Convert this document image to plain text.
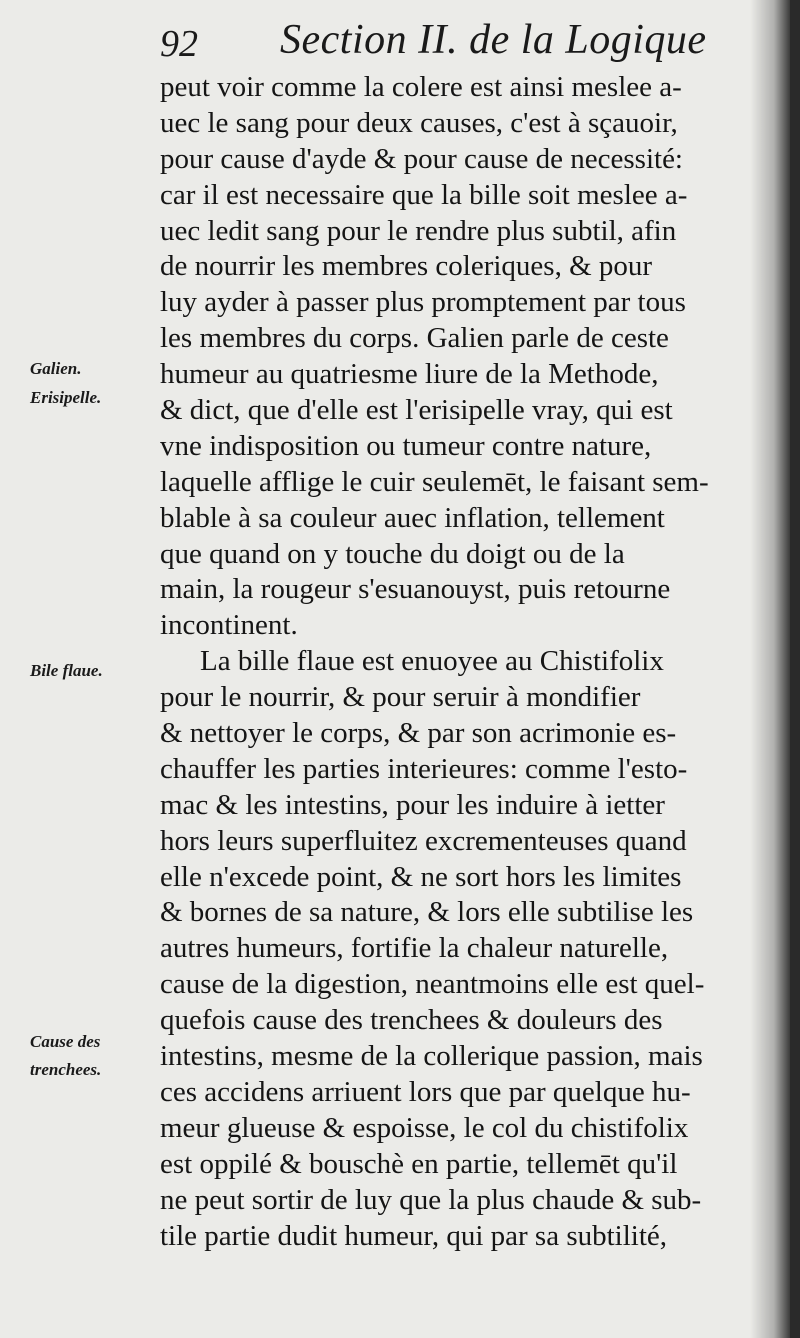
92 Section II. de la Logique
Galien.
Erisipelle.
Bile flaue.
Cause des
trenchees.
peut voir comme la colere est ainsi meslee a-
uec le sang pour deux causes, c'est à sçauoir,
pour cause d'ayde & pour cause de necessité:
car il est necessaire que la bille soit meslee a-
uec ledit sang pour le rendre plus subtil, afin
de nourrir les membres coleriques, & pour
luy ayder à passer plus promptement par tous
les membres du corps. Galien parle de ceste
humeur au quatriesme liure de la Methode,
& dict, que d'elle est l'erisipelle vray, qui est
vne indisposition ou tumeur contre nature,
laquelle afflige le cuir seulemēt, le faisant sem-
blable à sa couleur auec inflation, tellement
que quand on y touche du doigt ou de la
main, la rougeur s'esuanouyst, puis retourne
incontinent.
La bille flaue est enuoyee au Chistifolix
pour le nourrir, & pour seruir à mondifier
& nettoyer le corps, & par son acrimonie es-
chauffer les parties interieures: comme l'esto-
mac & les intestins, pour les induire à ietter
hors leurs superfluitez excrementeuses quand
elle n'excede point, & ne sort hors les limites
& bornes de sa nature, & lors elle subtilise les
autres humeurs, fortifie la chaleur naturelle,
cause de la digestion, neantmoins elle est quel-
quefois cause des trenchees & douleurs des
intestins, mesme de la collerique passion, mais
ces accidens arriuent lors que par quelque hu-
meur glueuse & espoisse, le col du chistifolix
est oppilé & bouschè en partie, tellemēt qu'il
ne peut sortir de luy que la plus chaude & sub-
tile partie dudit humeur, qui par sa subtilité,
